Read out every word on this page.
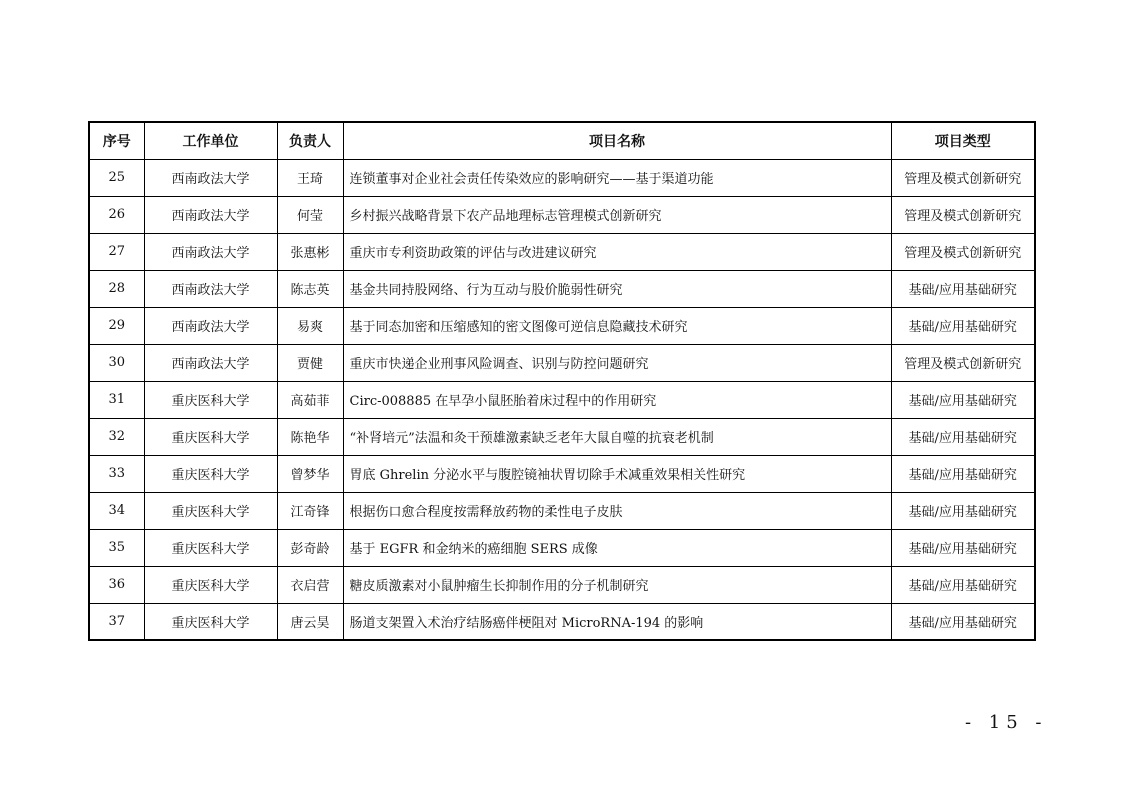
序号	工作单位	负责人	项目名称	项目类型
25	西南政法大学	王琦	连锁董事对企业社会责任传染效应的影响研究——基于渠道功能	管理及模式创新研究
26	西南政法大学	何莹	乡村振兴战略背景下农产品地理标志管理模式创新研究	管理及模式创新研究
27	西南政法大学	张惠彬	重庆市专利资助政策的评估与改进建议研究	管理及模式创新研究
28	西南政法大学	陈志英	基金共同持股网络、行为互动与股价脆弱性研究	基础/应用基础研究
29	西南政法大学	易爽	基于同态加密和压缩感知的密文图像可逆信息隐藏技术研究	基础/应用基础研究
30	西南政法大学	贾健	重庆市快递企业刑事风险调查、识别与防控问题研究	管理及模式创新研究
31	重庆医科大学	高茹菲	Circ-008885 在早孕小鼠胚胎着床过程中的作用研究	基础/应用基础研究
32	重庆医科大学	陈艳华	“补肾培元”法温和灸干预雄激素缺乏老年大鼠自噬的抗衰老机制	基础/应用基础研究
33	重庆医科大学	曾梦华	胃底 Ghrelin 分泌水平与腹腔镜袖状胃切除手术减重效果相关性研究	基础/应用基础研究
34	重庆医科大学	江奇锋	根据伤口愈合程度按需释放药物的柔性电子皮肤	基础/应用基础研究
35	重庆医科大学	彭奇龄	基于 EGFR 和金纳米的癌细胞 SERS 成像	基础/应用基础研究
36	重庆医科大学	衣启营	糖皮质激素对小鼠肿瘤生长抑制作用的分子机制研究	基础/应用基础研究
37	重庆医科大学	唐云昊	肠道支架置入术治疗结肠癌伴梗阻对 MicroRNA-194 的影响	基础/应用基础研究
- 15 -
